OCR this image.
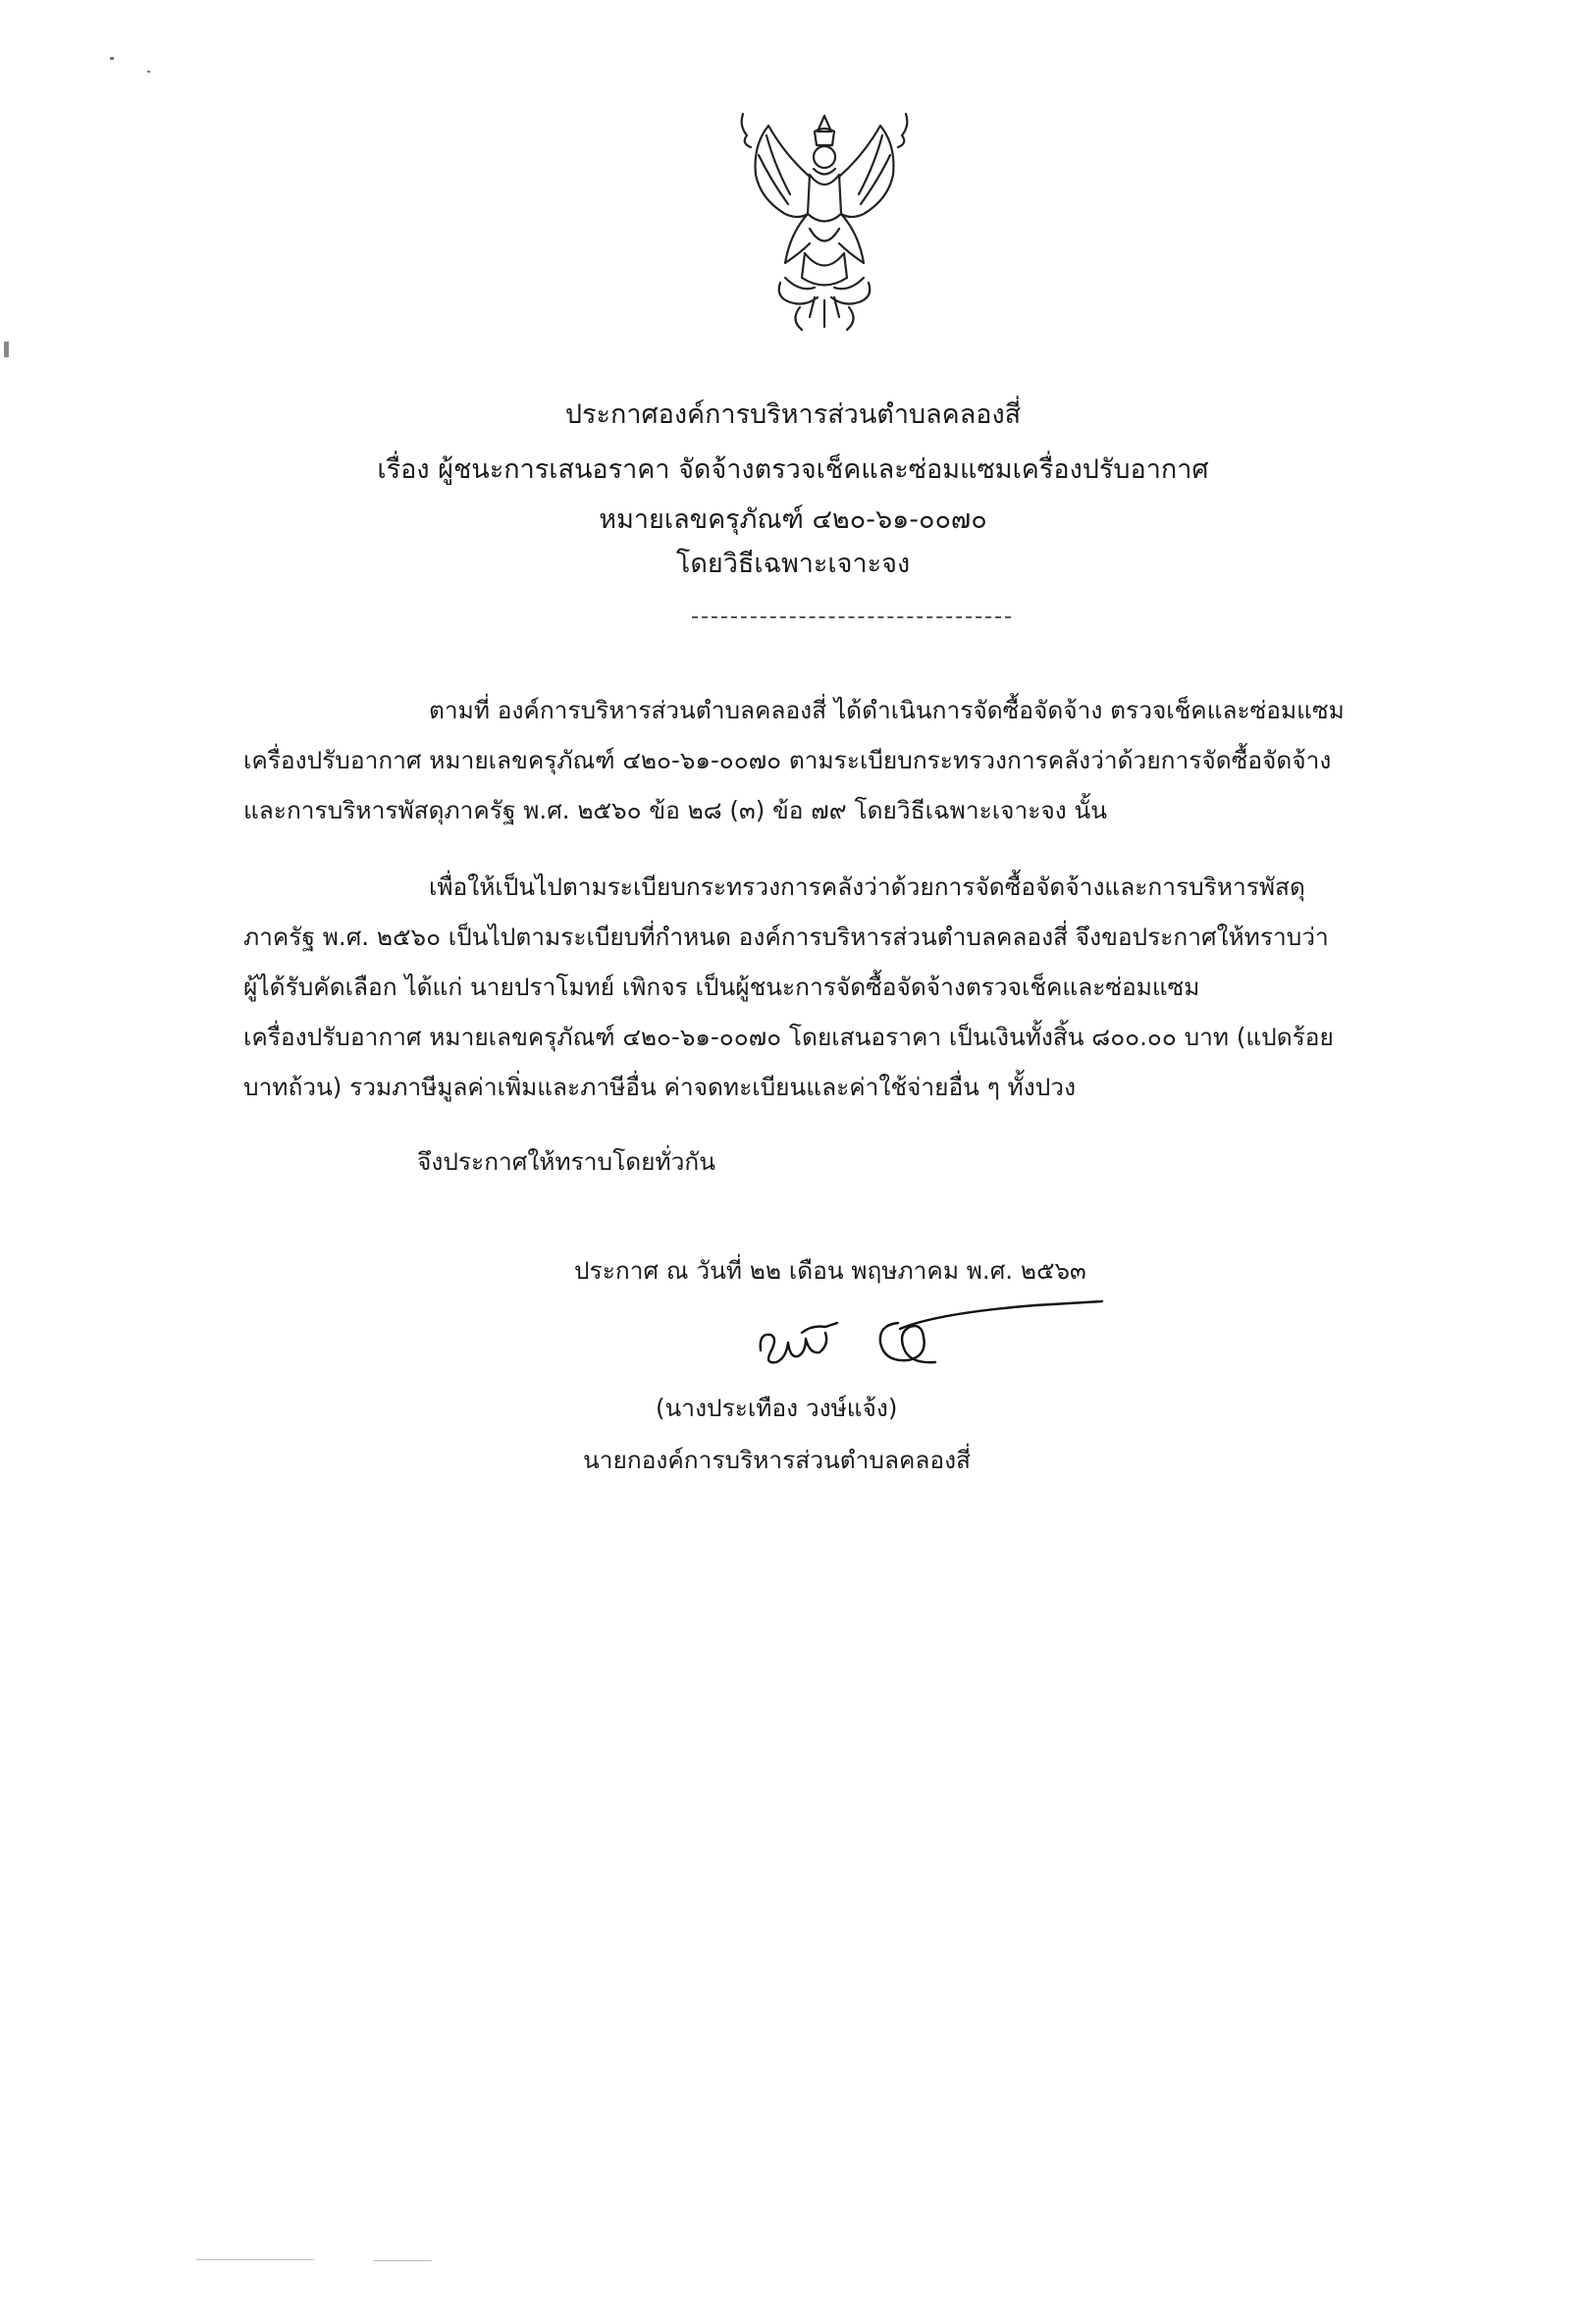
ประกาศองค์การบริหารส่วนตำบลคลองสี่
เรื่อง ผู้ชนะการเสนอราคา จัดจ้างตรวจเช็คและซ่อมแซมเครื่องปรับอากาศ
หมายเลขครุภัณฑ์ ๔๒๐-๖๑-๐๐๗๐
โดยวิธีเฉพาะเจาะจง
ตามที่ องค์การบริหารส่วนตำบลคลองสี่ ได้ดำเนินการจัดซื้อจัดจ้าง ตรวจเช็คและซ่อมแซม
เครื่องปรับอากาศ หมายเลขครุภัณฑ์ ๔๒๐-๖๑-๐๐๗๐ ตามระเบียบกระทรวงการคลังว่าด้วยการจัดซื้อจัดจ้าง
และการบริหารพัสดุภาครัฐ พ.ศ. ๒๕๖๐ ข้อ ๒๘ (๓) ข้อ ๗๙ โดยวิธีเฉพาะเจาะจง นั้น
เพื่อให้เป็นไปตามระเบียบกระทรวงการคลังว่าด้วยการจัดซื้อจัดจ้างและการบริหารพัสดุ
ภาครัฐ พ.ศ. ๒๕๖๐ เป็นไปตามระเบียบที่กำหนด องค์การบริหารส่วนตำบลคลองสี่ จึงขอประกาศให้ทราบว่า
ผู้ได้รับคัดเลือก ได้แก่ นายปราโมทย์ เพิกจร เป็นผู้ชนะการจัดซื้อจัดจ้างตรวจเช็คและซ่อมแซม
เครื่องปรับอากาศ หมายเลขครุภัณฑ์ ๔๒๐-๖๑-๐๐๗๐ โดยเสนอราคา เป็นเงินทั้งสิ้น ๘๐๐.๐๐ บาท (แปดร้อย
บาทถ้วน) รวมภาษีมูลค่าเพิ่มและภาษีอื่น ค่าจดทะเบียนและค่าใช้จ่ายอื่น ๆ ทั้งปวง
จึงประกาศให้ทราบโดยทั่วกัน
ประกาศ ณ วันที่ ๒๒ เดือน พฤษภาคม พ.ศ. ๒๕๖๓
(นางประเทือง วงษ์แจ้ง)
นายกองค์การบริหารส่วนตำบลคลองสี่
